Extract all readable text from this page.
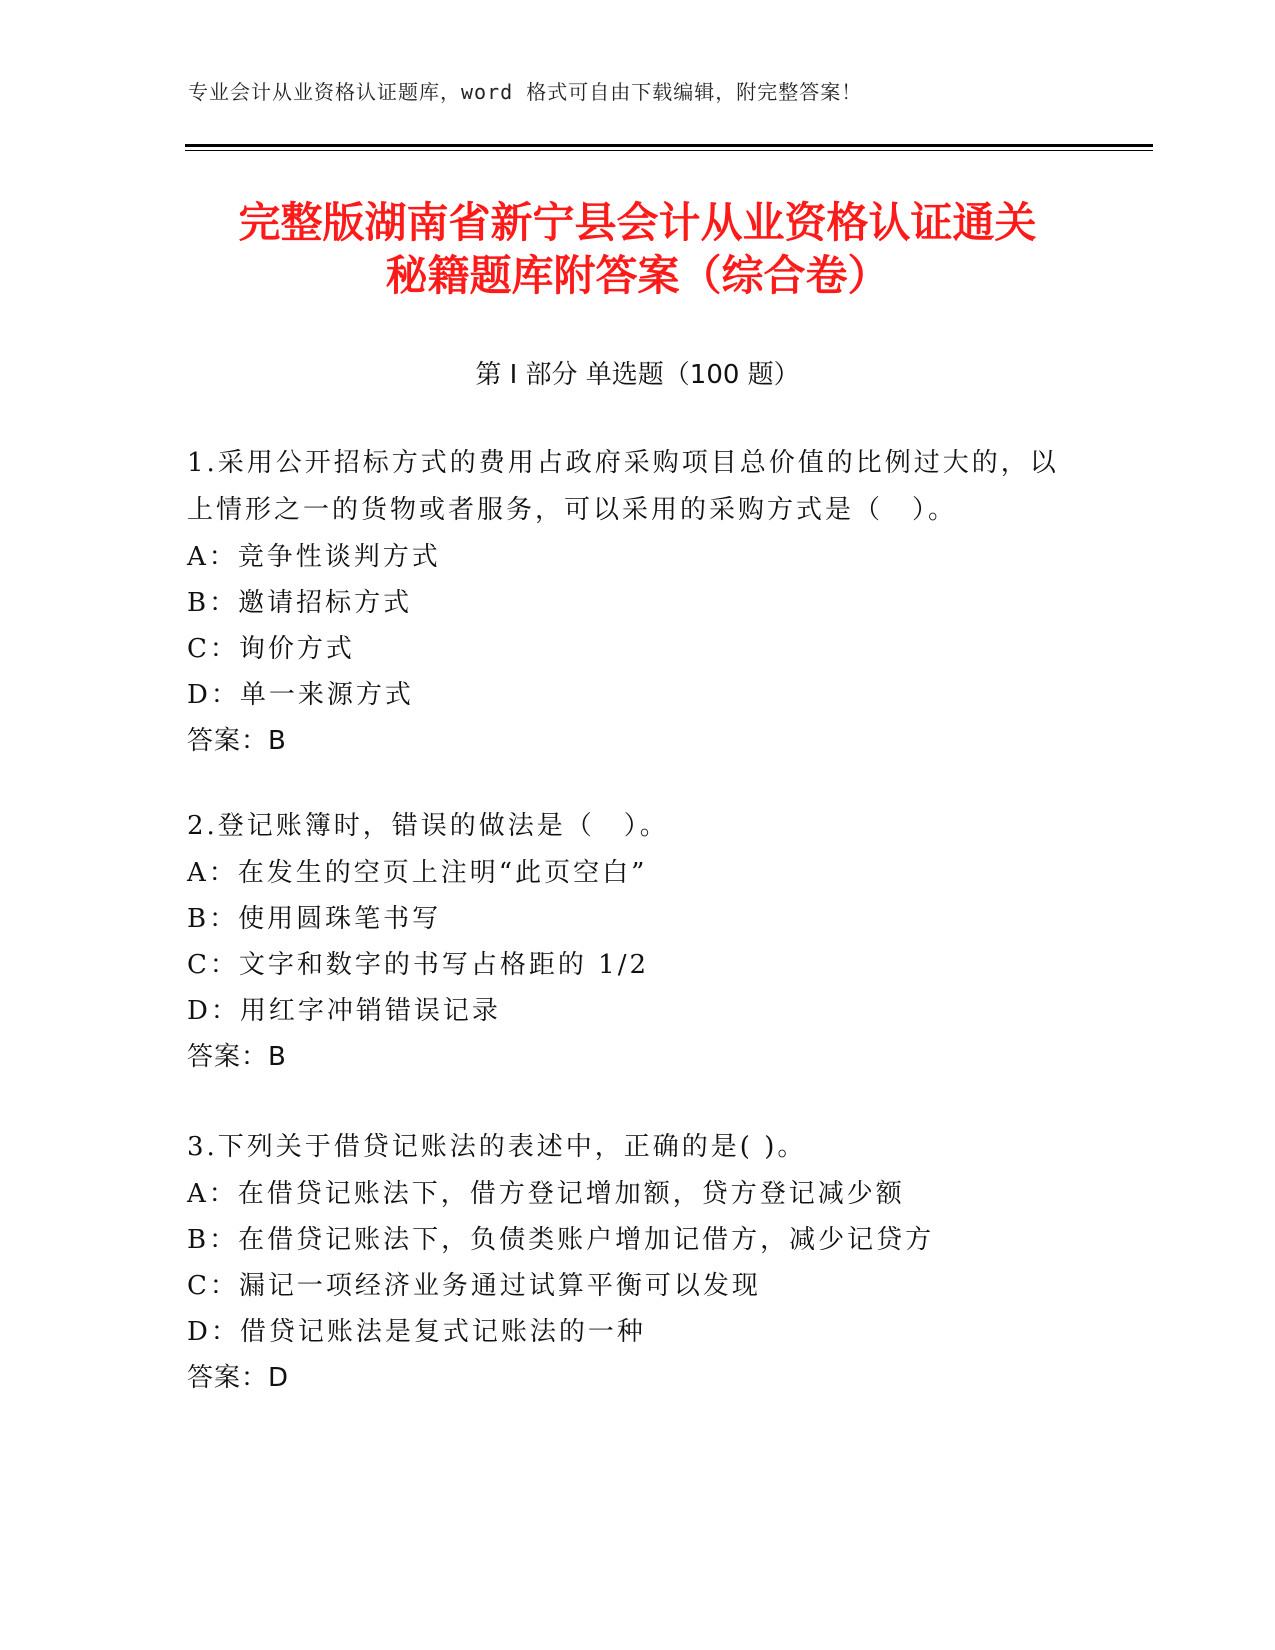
专业会计从业资格认证题库，word 格式可自由下载编辑，附完整答案！
完整版湖南省新宁县会计从业资格认证通关
秘籍题库附答案（综合卷）
第 I 部分 单选题（100 题）

1.采用公开招标方式的费用占政府采购项目总价值的比例过大的，以上情形之一的货物或者服务，可以采用的采购方式是（　）。

A：竞争性谈判方式

B：邀请招标方式

C：询价方式

D：单一来源方式

答案：B

2.登记账簿时，错误的做法是（　）。

A：在发生的空页上注明“此页空白”

B：使用圆珠笔书写

C：文字和数字的书写占格距的 1/2

D：用红字冲销错误记录

答案：B

3.下列关于借贷记账法的表述中，正确的是( )。

A：在借贷记账法下，借方登记增加额，贷方登记减少额

B：在借贷记账法下，负债类账户增加记借方，减少记贷方

C：漏记一项经济业务通过试算平衡可以发现

D：借贷记账法是复式记账法的一种

答案：D
